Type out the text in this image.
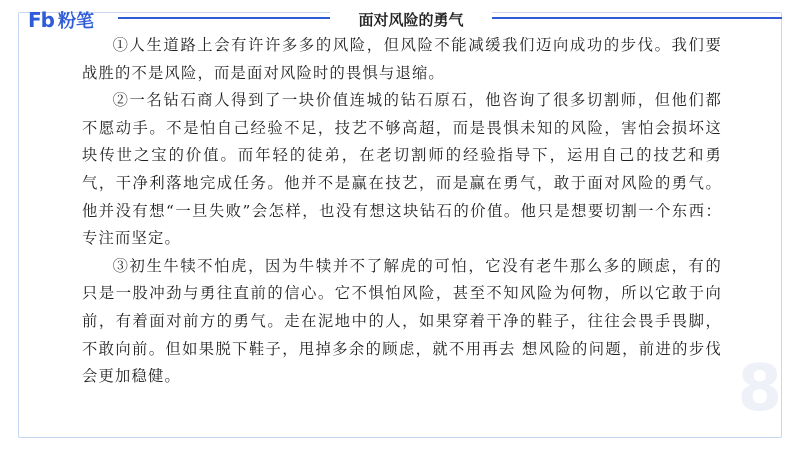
Fb 粉笔	面对风险的勇气

①人生道路上会有许许多多的风险，但风险不能减缓我们迈向成功的步伐。我们要战胜的不是风险，而是面对风险时的畏惧与退缩。

②一名钻石商人得到了一块价值连城的钻石原石，他咨询了很多切割师，但他们都不愿动手。不是怕自己经验不足，技艺不够高超，而是畏惧未知的风险，害怕会损坏这块传世之宝的价值。而年轻的徒弟，在老切割师的经验指导下，运用自己的技艺和勇气，干净利落地完成任务。他并不是赢在技艺，而是赢在勇气，敢于面对风险的勇气。他并没有想“一旦失败”会怎样，也没有想这块钻石的价值。他只是想要切割一个东西：专注而坚定。

③初生牛犊不怕虎，因为牛犊并不了解虎的可怕，它没有老牛那么多的顾虑，有的只是一股冲劲与勇往直前的信心。它不惧怕风险，甚至不知风险为何物，所以它敢于向前，有着面对前方的勇气。走在泥地中的人，如果穿着干净的鞋子，往往会畏手畏脚，不敢向前。但如果脱下鞋子，甩掉多余的顾虑，就不用再去 想风险的问题，前进的步伐会更加稳健。	8
